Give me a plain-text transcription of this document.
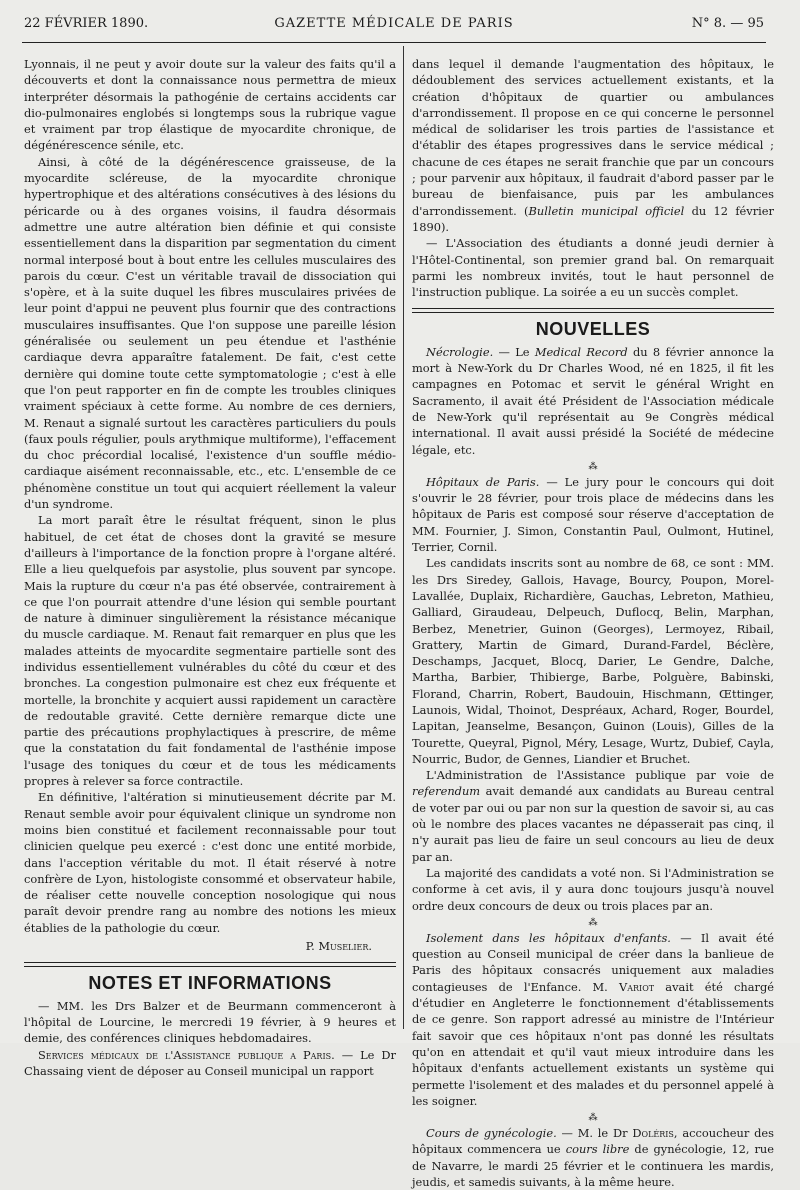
22 FÉVRIER 1890.	GAZETTE MÉDICALE DE PARIS	N° 8. — 95

Lyonnais, il ne peut y avoir doute sur la valeur des faits qu'il a découverts et dont la connaissance nous permettra de mieux interpréter désormais la pathogénie de certains accidents car dio-pulmonaires englobés si longtemps sous la rubrique vague et vraiment par trop élastique de myocardite chronique, de dégénérescence sénile, etc.

Ainsi, à côté de la dégénérescence graisseuse, de la myocardite scléreuse, de la myocardite chronique hypertrophique et des altérations consécutives à des lésions du péricarde ou à des organes voisins, il faudra désormais admettre une autre altération bien définie et qui consiste essentiellement dans la disparition par segmentation du ciment normal interposé bout à bout entre les cellules musculaires des parois du cœur. C'est un véritable travail de dissociation qui s'opère, et à la suite duquel les fibres musculaires privées de leur point d'appui ne peuvent plus fournir que des contractions musculaires insuffisantes. Que l'on suppose une pareille lésion généralisée ou seulement un peu étendue et l'asthénie cardiaque devra apparaître fatalement. De fait, c'est cette dernière qui domine toute cette symptomatologie ; c'est à elle que l'on peut rapporter en fin de compte les troubles cliniques vraiment spéciaux à cette forme. Au nombre de ces derniers, M. Renaut a signalé surtout les caractères particuliers du pouls (faux pouls régulier, pouls arythmique multiforme), l'effacement du choc précordial localisé, l'existence d'un souffle médio-cardiaque aisément reconnaissable, etc., etc. L'ensemble de ce phénomène constitue un tout qui acquiert réellement la valeur d'un syndrome.

La mort paraît être le résultat fréquent, sinon le plus habituel, de cet état de choses dont la gravité se mesure d'ailleurs à l'importance de la fonction propre à l'organe altéré. Elle a lieu quelquefois par asystolie, plus souvent par syncope. Mais la rupture du cœur n'a pas été observée, contrairement à ce que l'on pourrait attendre d'une lésion qui semble pourtant de nature à diminuer singulièrement la résistance mécanique du muscle cardiaque. M. Renaut fait remarquer en plus que les malades atteints de myocardite segmentaire partielle sont des individus essentiellement vulnérables du côté du cœur et des bronches. La congestion pulmonaire est chez eux fréquente et mortelle, la bronchite y acquiert aussi rapidement un caractère de redoutable gravité. Cette dernière remarque dicte une partie des précautions prophylactiques à prescrire, de même que la constatation du fait fondamental de l'asthénie impose l'usage des toniques du cœur et de tous les médicaments propres à relever sa force contractile.

En définitive, l'altération si minutieusement décrite par M. Renaut semble avoir pour équivalent clinique un syndrome non moins bien constitué et facilement reconnaissable pour tout clinicien quelque peu exercé : c'est donc une entité morbide, dans l'acception véritable du mot. Il était réservé à notre confrère de Lyon, histologiste consommé et observateur habile, de réaliser cette nouvelle conception nosologique qui nous paraît devoir prendre rang au nombre des notions les mieux établies de la pathologie du cœur.

P. Muselier.
NOTES ET INFORMATIONS

— MM. les Drs Balzer et de Beurmann commenceront à l'hôpital de Lourcine, le mercredi 19 février, à 9 heures et demie, des conférences cliniques hebdomadaires.

Services médicaux de l'Assistance publique a Paris. — Le Dr Chassaing vient de déposer au Conseil municipal un rapport

dans lequel il demande l'augmentation des hôpitaux, le dédoublement des services actuellement existants, et la création d'hôpitaux de quartier ou ambulances d'arrondissement. Il propose en ce qui concerne le personnel médical de solidariser les trois parties de l'assistance et d'établir des étapes progressives dans le service médical ; chacune de ces étapes ne serait franchie que par un concours ; pour parvenir aux hôpitaux, il faudrait d'abord passer par le bureau de bienfaisance, puis par les ambulances d'arrondissement. (Bulletin municipal officiel du 12 février 1890).

— L'Association des étudiants a donné jeudi dernier à l'Hôtel-Continental, son premier grand bal. On remarquait parmi les nombreux invités, tout le haut personnel de l'instruction publique. La soirée a eu un succès complet.

NOUVELLES

Nécrologie. — Le Medical Record du 8 février annonce la mort à New-York du Dr Charles Wood, né en 1825, il fit les campagnes en Potomac et servit le général Wright en Sacramento, il avait été Président de l'Association médicale de New-York qu'il représentait au 9e Congrès médical international. Il avait aussi présidé la Société de médecine légale, etc.

⁂

Hôpitaux de Paris. — Le jury pour le concours qui doit s'ouvrir le 28 février, pour trois place de médecins dans les hôpitaux de Paris est composé sour réserve d'acceptation de MM. Fournier, J. Simon, Constantin Paul, Oulmont, Hutinel, Terrier, Cornil.

Les candidats inscrits sont au nombre de 68, ce sont : MM. les Drs Siredey, Gallois, Havage, Bourcy, Poupon, Morel-Lavallée, Duplaix, Richardière, Gauchas, Lebreton, Mathieu, Galliard, Giraudeau, Delpeuch, Duflocq, Belin, Marphan, Berbez, Menetrier, Guinon (Georges), Lermoyez, Ribail, Grattery, Martin de Gimard, Durand-Fardel, Béclère, Deschamps, Jacquet, Blocq, Darier, Le Gendre, Dalche, Martha, Barbier, Thibierge, Barbe, Polguère, Babinski, Florand, Charrin, Robert, Baudouin, Hischmann, Œttinger, Launois, Widal, Thoinot, Despréaux, Achard, Roger, Bourdel, Lapitan, Jeanselme, Besançon, Guinon (Louis), Gilles de la Tourette, Queyral, Pignol, Méry, Lesage, Wurtz, Dubief, Cayla, Nourric, Budor, de Gennes, Liandier et Bruchet.

L'Administration de l'Assistance publique par voie de referendum avait demandé aux candidats au Bureau central de voter par oui ou par non sur la question de savoir si, au cas où le nombre des places vacantes ne dépasserait pas cinq, il n'y aurait pas lieu de faire un seul concours au lieu de deux par an.

La majorité des candidats a voté non. Si l'Administration se conforme à cet avis, il y aura donc toujours jusqu'à nouvel ordre deux concours de deux ou trois places par an.

⁂

Isolement dans les hôpitaux d'enfants. — Il avait été question au Conseil municipal de créer dans la banlieue de Paris des hôpitaux consacrés uniquement aux maladies contagieuses de l'Enfance. M. Variot avait été chargé d'étudier en Angleterre le fonctionnement d'établissements de ce genre. Son rapport adressé au ministre de l'Intérieur fait savoir que ces hôpitaux n'ont pas donné les résultats qu'on en attendait et qu'il vaut mieux introduire dans les hôpitaux d'enfants actuellement existants un système qui permette l'isolement et des malades et du personnel appelé à les soigner.

⁂

Cours de gynécologie. — M. le Dr Doléris, accoucheur des hôpitaux commencera ue cours libre de gynécologie, 12, rue de Navarre, le mardi 25 février et le continuera les mardis, jeudis, et samedis suivants, à la même heure.
